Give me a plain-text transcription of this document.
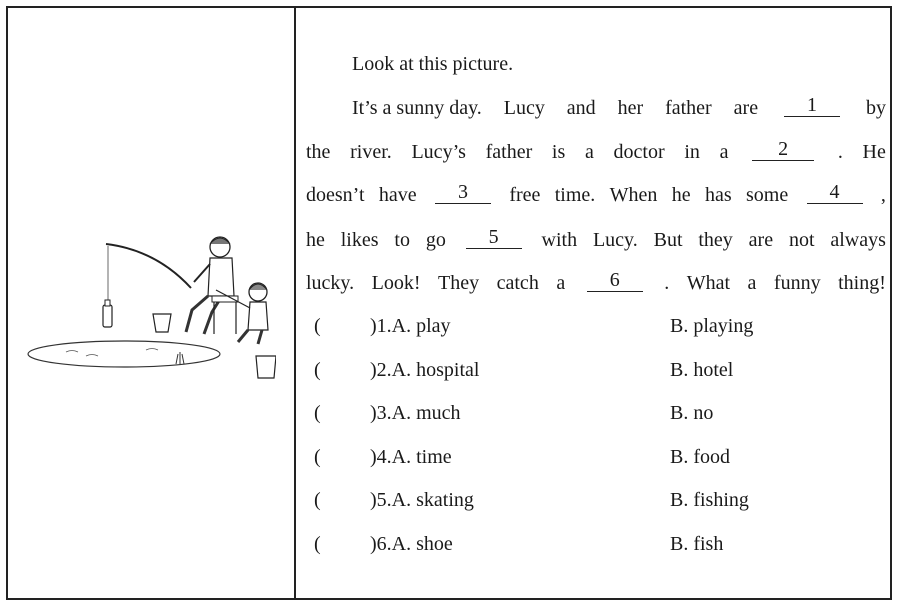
Look at this picture.
It’s a sunny day. Lucy and her father are	1	by
the river. Lucy’s father is a doctor in a	2	. He
doesn’t have	3	free time. When he has some	4	,
he likes to go	5	with Lucy. But they are not always
lucky. Look! They catch a	6	. What a funny thing!
( )1.A. play	B. playing
( )2.A. hospital	B. hotel
( )3.A. much	B. no
( )4.A. time	B. food
( )5.A. skating	B. fishing
( )6.A. shoe	B. fish
